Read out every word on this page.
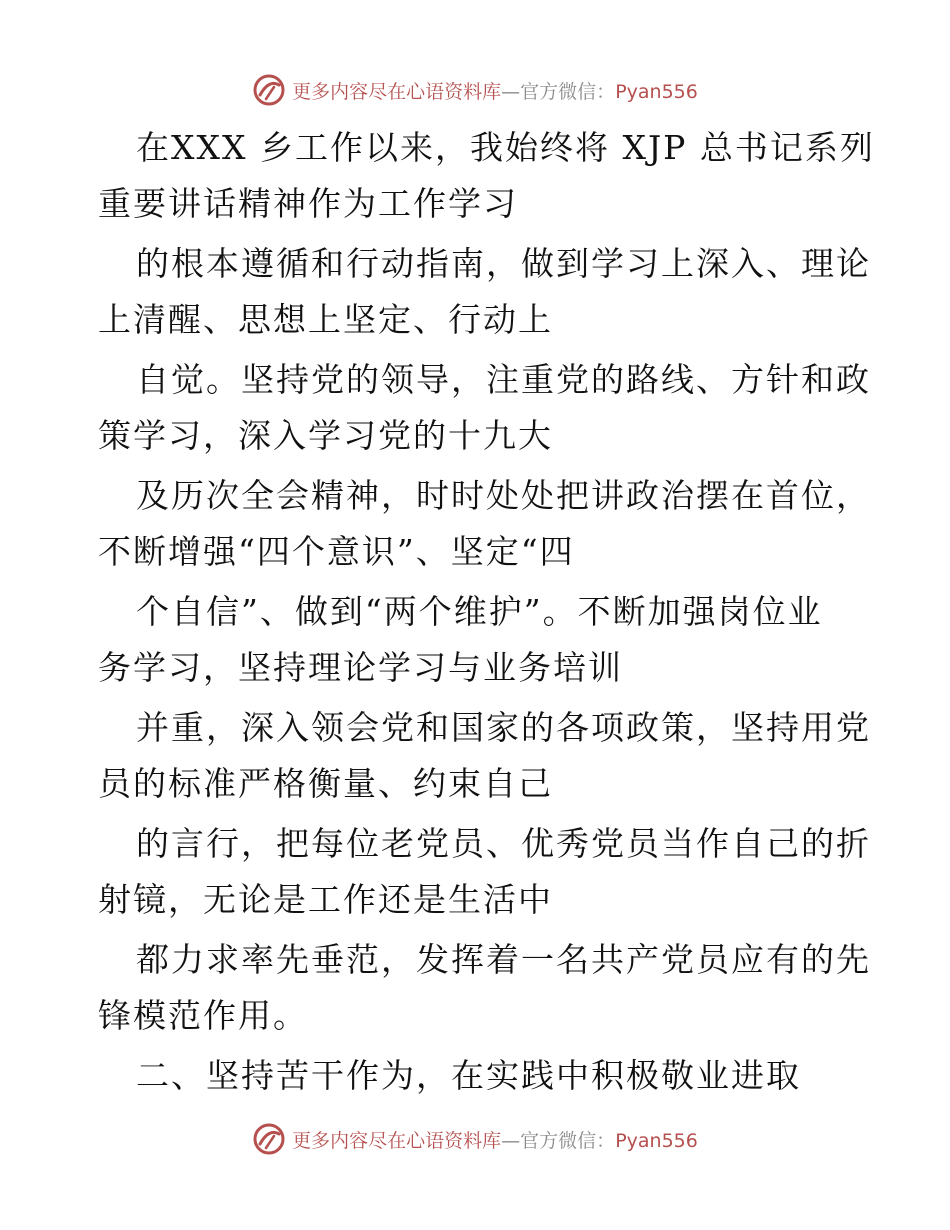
更多内容尽在心语资料库—官方微信：Pyan556
在XXX 乡工作以来，我始终将 XJP 总书记系列
重要讲话精神作为工作学习
的根本遵循和行动指南，做到学习上深入、理论
上清醒、思想上坚定、行动上
自觉。坚持党的领导，注重党的路线、方针和政
策学习，深入学习党的十九大
及历次全会精神，时时处处把讲政治摆在首位，
不断增强“四个意识”、坚定“四
个自信”、做到“两个维护”。不断加强岗位业
务学习，坚持理论学习与业务培训
并重，深入领会党和国家的各项政策，坚持用党
员的标准严格衡量、约束自己
的言行，把每位老党员、优秀党员当作自己的折
射镜，无论是工作还是生活中
都力求率先垂范，发挥着一名共产党员应有的先
锋模范作用。
二、坚持苦干作为，在实践中积极敬业进取
更多内容尽在心语资料库—官方微信：Pyan556
